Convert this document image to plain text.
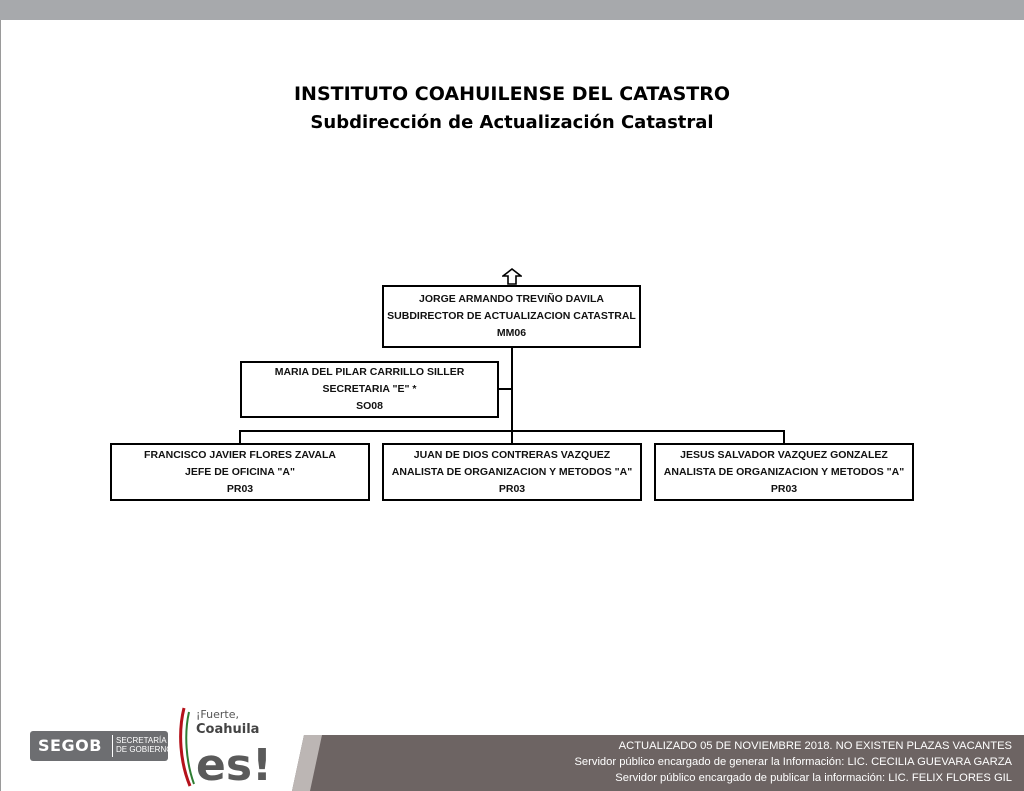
INSTITUTO COAHUILENSE DEL CATASTRO
Subdirección de Actualización Catastral
JORGE ARMANDO TREVIÑO DAVILA
SUBDIRECTOR DE ACTUALIZACION CATASTRAL
MM06
MARIA DEL PILAR CARRILLO SILLER
SECRETARIA "E" *
SO08
FRANCISCO JAVIER FLORES ZAVALA
JEFE DE OFICINA "A"
PR03
JUAN DE DIOS CONTRERAS VAZQUEZ
ANALISTA DE ORGANIZACION Y METODOS "A"
PR03
JESUS SALVADOR VAZQUEZ GONZALEZ
ANALISTA DE ORGANIZACION Y METODOS "A"
PR03
ACTUALIZADO 05 DE NOVIEMBRE 2018. NO EXISTEN PLAZAS VACANTES
Servidor público encargado de generar la Información: LIC. CECILIA GUEVARA GARZA
Servidor público encargado de publicar la información: LIC. FELIX FLORES GIL
SEGOB SECRETARÍA
DE GOBIERNO
¡Fuerte,
Coahuila
es!
